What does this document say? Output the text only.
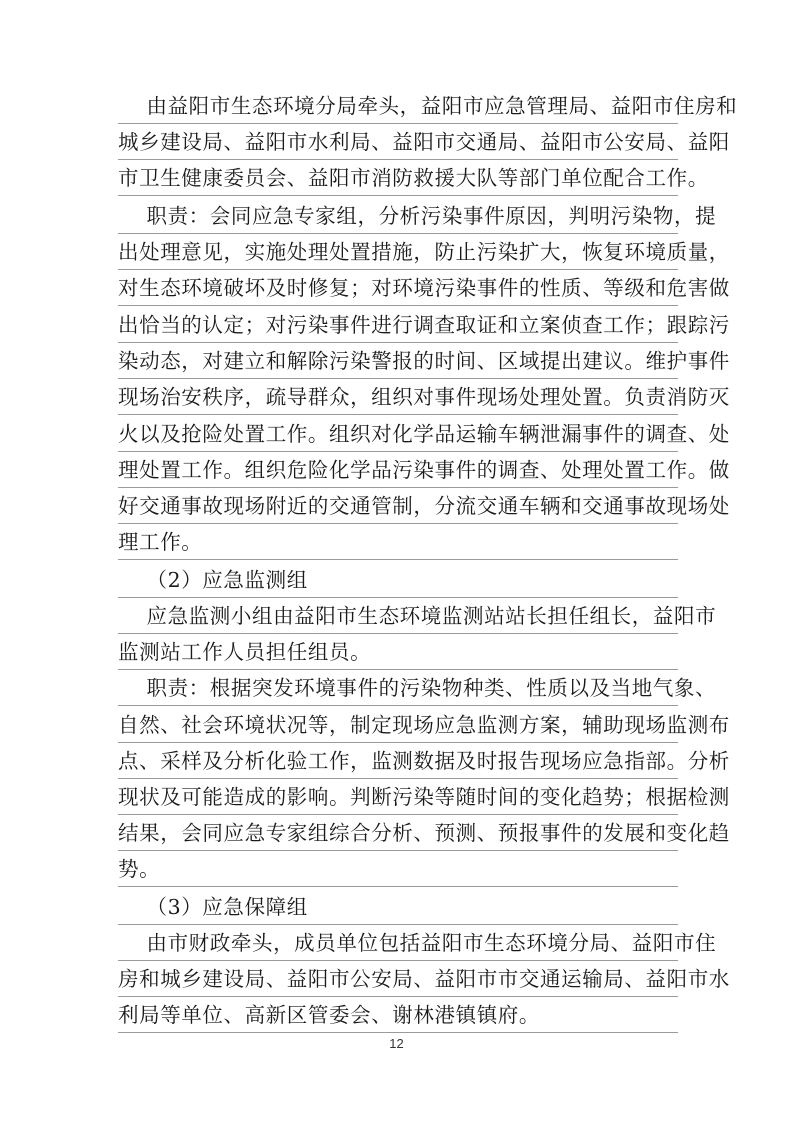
由益阳市生态环境分局牵头，益阳市应急管理局、益阳市住房和
城乡建设局、益阳市水利局、益阳市交通局、益阳市公安局、益阳
市卫生健康委员会、益阳市消防救援大队等部门单位配合工作。
职责：会同应急专家组，分析污染事件原因，判明污染物，提
出处理意见，实施处理处置措施，防止污染扩大，恢复环境质量，
对生态环境破坏及时修复；对环境污染事件的性质、等级和危害做
出恰当的认定；对污染事件进行调查取证和立案侦查工作；跟踪污
染动态，对建立和解除污染警报的时间、区域提出建议。维护事件
现场治安秩序，疏导群众，组织对事件现场处理处置。负责消防灭
火以及抢险处置工作。组织对化学品运输车辆泄漏事件的调查、处
理处置工作。组织危险化学品污染事件的调查、处理处置工作。做
好交通事故现场附近的交通管制，分流交通车辆和交通事故现场处
理工作。
（2）应急监测组
应急监测小组由益阳市生态环境监测站站长担任组长，益阳市
监测站工作人员担任组员。
职责：根据突发环境事件的污染物种类、性质以及当地气象、
自然、社会环境状况等，制定现场应急监测方案，辅助现场监测布
点、采样及分析化验工作，监测数据及时报告现场应急指部。分析
现状及可能造成的影响。判断污染等随时间的变化趋势；根据检测
结果，会同应急专家组综合分析、预测、预报事件的发展和变化趋
势。
（3）应急保障组
由市财政牵头，成员单位包括益阳市生态环境分局、益阳市住
房和城乡建设局、益阳市公安局、益阳市市交通运输局、益阳市水
利局等单位、高新区管委会、谢林港镇镇府。
12
